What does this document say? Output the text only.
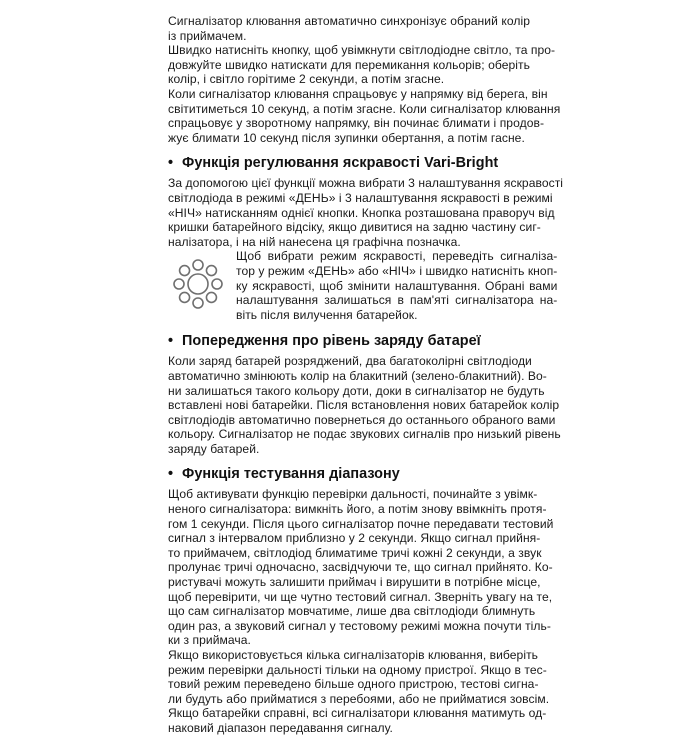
Сигналізатор клювання автоматично синхронізує обраний колір
із приймачем.
Швидко натисніть кнопку, щоб увімкнути світлодіодне світло, та про-
довжуйте швидко натискати для перемикання кольорів; оберіть
колір, і світло горітиме 2 секунди, а потім згасне.
Коли сигналізатор клювання спрацьовує у напрямку від берега, він
світитиметься 10 секунд, а потім згасне. Коли сигналізатор клювання
спрацьовує у зворотному напрямку, він починає блимати і продов-
жує блимати 10 секунд після зупинки обертання, а потім гасне.
• Функція регулювання яскравості Vari-Bright
За допомогою цієї функції можна вибрати 3 налаштування яскравості
світлодіода в режимі «ДЕНЬ» і 3 налаштування яскравості в режимі
«НІЧ» натисканням однієї кнопки. Кнопка розташована праворуч від
кришки батарейного відсіку, якщо дивитися на задню частину сиг-
налізатора, і на ній нанесена ця графічна позначка.
Щоб вибрати режим яскравості, переведіть сигналіза-
тор у режим «ДЕНЬ» або «НІЧ» і швидко натисніть кноп-
ку яскравості, щоб змінити налаштування. Обрані вами
налаштування залишаться в пам'яті сигналізатора на-
віть після вилучення батарейок.
• Попередження про рівень заряду батареї
Коли заряд батарей розряджений, два багатоколірні світлодіоди
автоматично змінюють колір на блакитний (зелено-блакитний). Во-
ни залишаться такого кольору доти, доки в сигналізатор не будуть
вставлені нові батарейки. Після встановлення нових батарейок колір
світлодіодів автоматично повернеться до останнього обраного вами
кольору. Сигналізатор не подає звукових сигналів про низький рівень
заряду батарей.
• Функція тестування діапазону
Щоб активувати функцію перевірки дальності, починайте з увімк-
неного сигналізатора: вимкніть його, а потім знову ввімкніть протя-
гом 1 секунди. Після цього сигналізатор почне передавати тестовий
сигнал з інтервалом приблизно у 2 секунди. Якщо сигнал прийня-
то приймачем, світлодіод блиматиме тричі кожні 2 секунди, а звук
пролунає тричі одночасно, засвідчуючи те, що сигнал прийнято. Ко-
ристувачі можуть залишити приймач і вирушити в потрібне місце,
щоб перевірити, чи ще чутно тестовий сигнал. Зверніть увагу на те,
що сам сигналізатор мовчатиме, лише два світлодіоди блимнуть
один раз, а звуковий сигнал у тестовому режимі можна почути тіль-
ки з приймача.
Якщо використовується кілька сигналізаторів клювання, виберіть
режим перевірки дальності тільки на одному пристрої. Якщо в тес-
товий режим переведено більше одного пристрою, тестові сигна-
ли будуть або прийматися з перебоями, або не прийматися зовсім.
Якщо батарейки справні, всі сигналізатори клювання матимуть од-
наковий діапазон передавання сигналу.
